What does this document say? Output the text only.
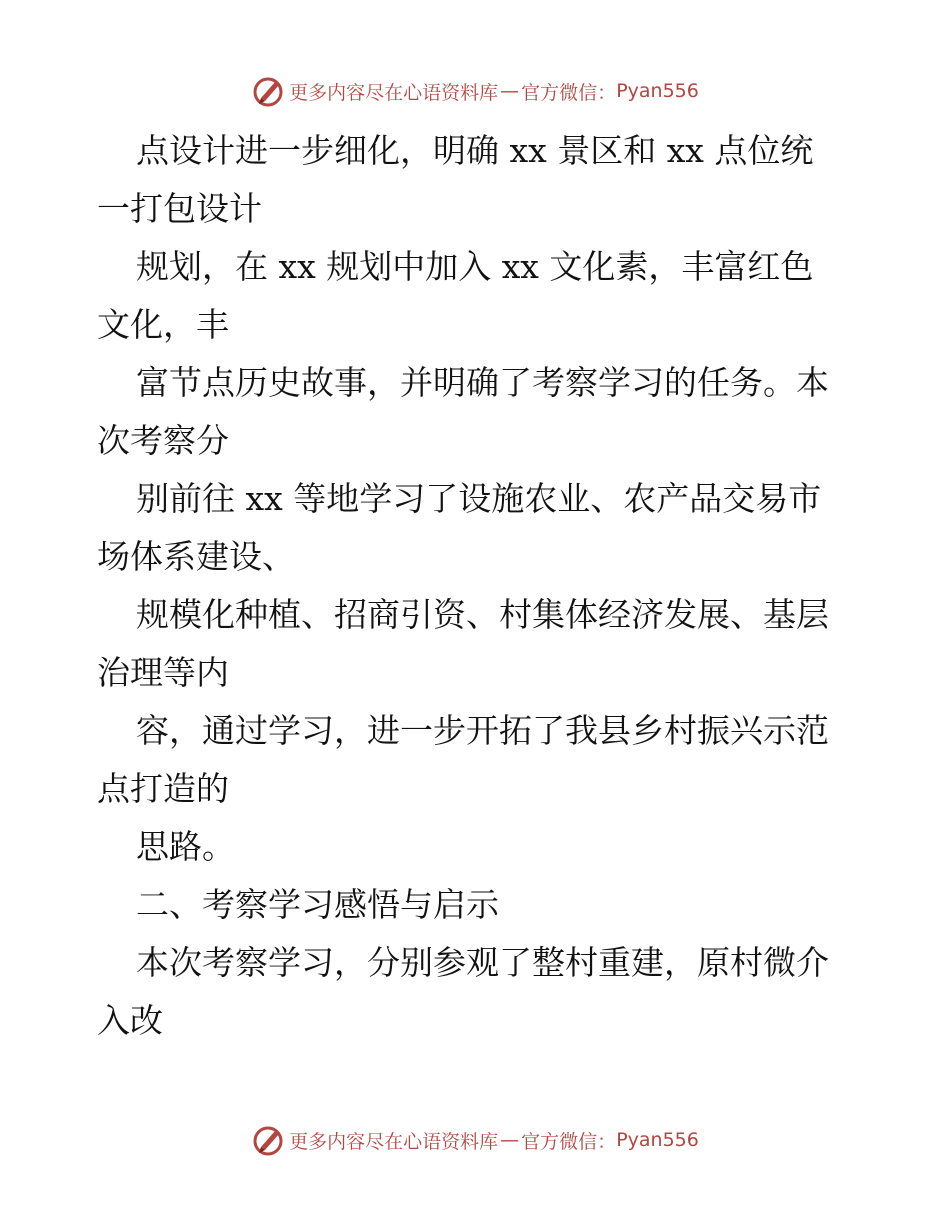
更多内容尽在心语资料库 — 官方微信： Pyan556
点设计进一步细化，明确 xx 景区和 xx 点位统
一打包设计
规划，在 xx 规划中加入 xx 文化素，丰富红色
文化，丰
富节点历史故事，并明确了考察学习的任务。本
次考察分
别前往 xx 等地学习了设施农业、农产品交易市
场体系建设、
规模化种植、招商引资、村集体经济发展、基层
治理等内
容，通过学习，进一步开拓了我县乡村振兴示范
点打造的
思路。
二、考察学习感悟与启示
本次考察学习，分别参观了整村重建，原村微介
入改
更多内容尽在心语资料库 — 官方微信： Pyan556
